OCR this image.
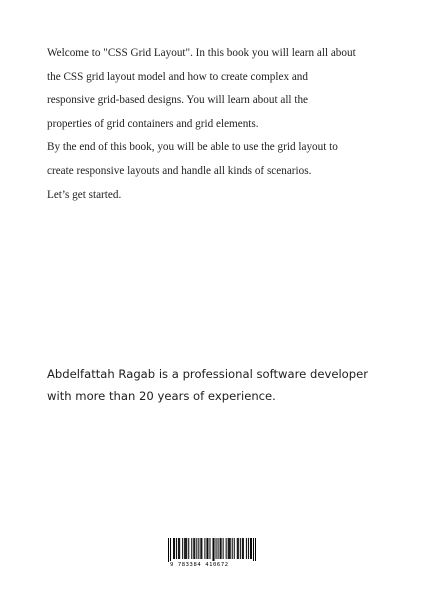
Welcome to "CSS Grid Layout". In this book you will learn all about
the CSS grid layout model and how to create complex and
responsive grid-based designs. You will learn about all the
properties of grid containers and grid elements.
By the end of this book, you will be able to use the grid layout to
create responsive layouts and handle all kinds of scenarios.
Let’s get started.
Abdelfattah Ragab is a professional software developer
with more than 20 years of experience.
9 783384 410672
